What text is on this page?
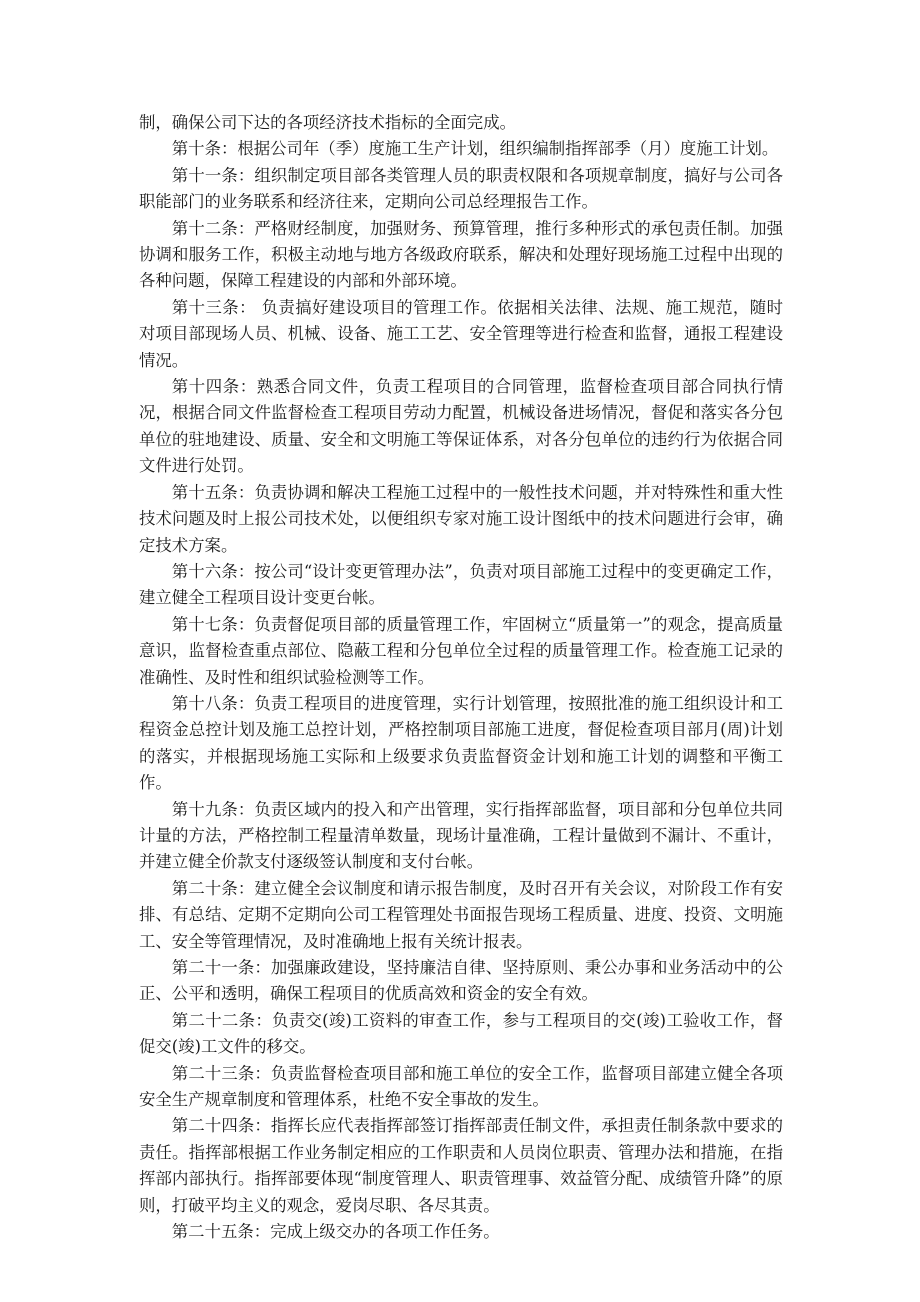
制，确保公司下达的各项经济技术指标的全面完成。

第十条：根据公司年（季）度施工生产计划，组织编制指挥部季（月）度施工计划。

第十一条：组织制定项目部各类管理人员的职责权限和各项规章制度，搞好与公司各职能部门的业务联系和经济往来，定期向公司总经理报告工作。

第十二条：严格财经制度，加强财务、预算管理，推行多种形式的承包责任制。加强协调和服务工作，积极主动地与地方各级政府联系，解决和处理好现场施工过程中出现的各种问题，保障工程建设的内部和外部环境。

第十三条： 负责搞好建设项目的管理工作。依据相关法律、法规、施工规范，随时对项目部现场人员、机械、设备、施工工艺、安全管理等进行检查和监督，通报工程建设情况。

第十四条：熟悉合同文件，负责工程项目的合同管理，监督检查项目部合同执行情况，根据合同文件监督检查工程项目劳动力配置，机械设备进场情况，督促和落实各分包单位的驻地建设、质量、安全和文明施工等保证体系，对各分包单位的违约行为依据合同文件进行处罚。

第十五条：负责协调和解决工程施工过程中的一般性技术问题，并对特殊性和重大性技术问题及时上报公司技术处，以便组织专家对施工设计图纸中的技术问题进行会审，确定技术方案。

第十六条：按公司“设计变更管理办法”，负责对项目部施工过程中的变更确定工作，建立健全工程项目设计变更台帐。

第十七条：负责督促项目部的质量管理工作，牢固树立“质量第一”的观念，提高质量意识，监督检查重点部位、隐蔽工程和分包单位全过程的质量管理工作。检查施工记录的准确性、及时性和组织试验检测等工作。

第十八条：负责工程项目的进度管理，实行计划管理，按照批准的施工组织设计和工程资金总控计划及施工总控计划，严格控制项目部施工进度，督促检查项目部月(周)计划的落实，并根据现场施工实际和上级要求负责监督资金计划和施工计划的调整和平衡工作。

第十九条：负责区域内的投入和产出管理，实行指挥部监督，项目部和分包单位共同计量的方法，严格控制工程量清单数量，现场计量准确，工程计量做到不漏计、不重计，并建立健全价款支付逐级签认制度和支付台帐。

第二十条：建立健全会议制度和请示报告制度，及时召开有关会议，对阶段工作有安排、有总结、定期不定期向公司工程管理处书面报告现场工程质量、进度、投资、文明施工、安全等管理情况，及时准确地上报有关统计报表。

第二十一条：加强廉政建设，坚持廉洁自律、坚持原则、秉公办事和业务活动中的公正、公平和透明，确保工程项目的优质高效和资金的安全有效。

第二十二条：负责交(竣)工资料的审查工作，参与工程项目的交(竣)工验收工作，督促交(竣)工文件的移交。

第二十三条：负责监督检查项目部和施工单位的安全工作，监督项目部建立健全各项安全生产规章制度和管理体系，杜绝不安全事故的发生。

第二十四条：指挥长应代表指挥部签订指挥部责任制文件，承担责任制条款中要求的责任。指挥部根据工作业务制定相应的工作职责和人员岗位职责、管理办法和措施，在指挥部内部执行。指挥部要体现“制度管理人、职责管理事、效益管分配、成绩管升降”的原则，打破平均主义的观念，爱岗尽职、各尽其责。

第二十五条：完成上级交办的各项工作任务。
